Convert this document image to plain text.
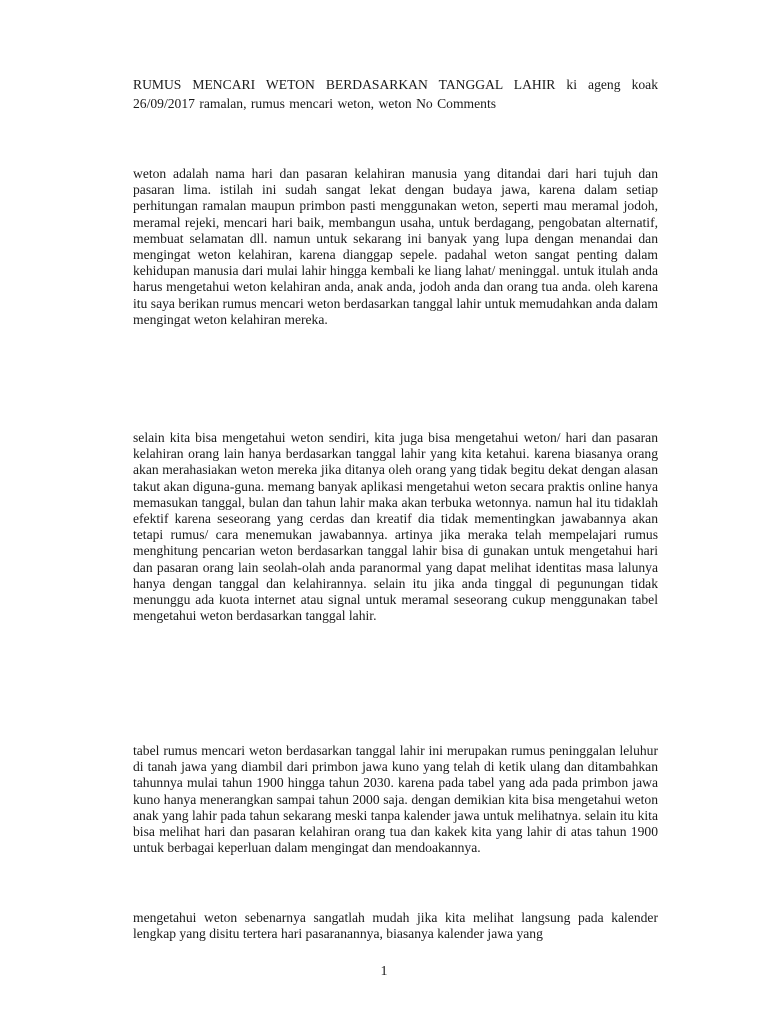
RUMUS MENCARI WETON BERDASARKAN TANGGAL LAHIR ki ageng koak 26/09/2017 ramalan, rumus mencari weton, weton No Comments

weton adalah nama hari dan pasaran kelahiran manusia yang ditandai dari hari tujuh dan pasaran lima. istilah ini sudah sangat lekat dengan budaya jawa, karena dalam setiap perhitungan ramalan maupun primbon pasti menggunakan weton, seperti mau meramal jodoh, meramal rejeki, mencari hari baik, membangun usaha, untuk berdagang, pengobatan alternatif, membuat selamatan dll. namun untuk sekarang ini banyak yang lupa dengan menandai dan mengingat weton kelahiran, karena dianggap sepele. padahal weton sangat penting dalam kehidupan manusia dari mulai lahir hingga kembali ke liang lahat/ meninggal. untuk itulah anda harus mengetahui weton kelahiran anda, anak anda, jodoh anda dan orang tua anda. oleh karena itu saya berikan rumus mencari weton berdasarkan tanggal lahir untuk memudahkan anda dalam mengingat weton kelahiran mereka.

selain kita bisa mengetahui weton sendiri, kita juga bisa mengetahui weton/ hari dan pasaran kelahiran orang lain hanya berdasarkan tanggal lahir yang kita ketahui. karena biasanya orang akan merahasiakan weton mereka jika ditanya oleh orang yang tidak begitu dekat dengan alasan takut akan diguna-guna. memang banyak aplikasi mengetahui weton secara praktis online hanya memasukan tanggal, bulan dan tahun lahir maka akan terbuka wetonnya. namun hal itu tidaklah efektif karena seseorang yang cerdas dan kreatif dia tidak mementingkan jawabannya akan tetapi rumus/ cara menemukan jawabannya. artinya jika meraka telah mempelajari rumus menghitung pencarian weton berdasarkan tanggal lahir bisa di gunakan untuk mengetahui hari dan pasaran orang lain seolah-olah anda paranormal yang dapat melihat identitas masa lalunya hanya dengan tanggal dan kelahirannya. selain itu jika anda tinggal di pegunungan tidak menunggu ada kuota internet atau signal untuk meramal seseorang cukup menggunakan tabel mengetahui weton berdasarkan tanggal lahir.

tabel rumus mencari weton berdasarkan tanggal lahir ini merupakan rumus peninggalan leluhur di tanah jawa yang diambil dari primbon jawa kuno yang telah di ketik ulang dan ditambahkan tahunnya mulai tahun 1900 hingga tahun 2030. karena pada tabel yang ada pada primbon jawa kuno hanya menerangkan sampai tahun 2000 saja. dengan demikian kita bisa mengetahui weton anak yang lahir pada tahun sekarang meski tanpa kalender jawa untuk melihatnya. selain itu kita bisa melihat hari dan pasaran kelahiran orang tua dan kakek kita yang lahir di atas tahun 1900 untuk berbagai keperluan dalam mengingat dan mendoakannya.

mengetahui weton sebenarnya sangatlah mudah jika kita melihat langsung pada kalender lengkap yang disitu tertera hari pasaranannya, biasanya kalender jawa yang

1
